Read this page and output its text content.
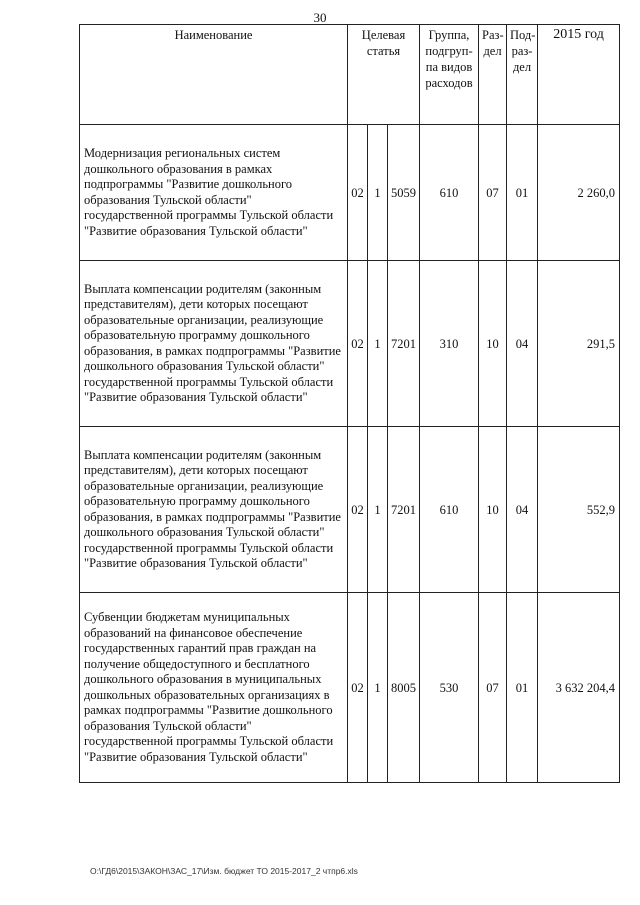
30
Наименование	Целевая статья			Группа, подгруп-па видов расходов	Раз-дел	Под-раз-дел	2015 год
Модернизация региональных систем дошкольного образования в рамках подпрограммы "Развитие дошкольного образования Тульской области" государственной программы Тульской области "Развитие образования Тульской области"	02	1	5059	610	07	01	2 260,0
Выплата компенсации родителям (законным представителям), дети которых посещают образовательные организации, реализующие образовательную программу дошкольного образования, в рамках подпрограммы "Развитие дошкольного образования Тульской области" государственной программы Тульской области "Развитие образования Тульской области"	02	1	7201	310	10	04	291,5
Выплата компенсации родителям (законным представителям), дети которых посещают образовательные организации, реализующие образовательную программу дошкольного образования, в рамках подпрограммы "Развитие дошкольного образования Тульской области" государственной программы Тульской области "Развитие образования Тульской области"	02	1	7201	610	10	04	552,9
Субвенции бюджетам муниципальных образований на финансовое обеспечение государственных гарантий прав граждан на получение общедоступного и бесплатного дошкольного образования в муниципальных дошкольных образовательных организациях в рамках подпрограммы "Развитие дошкольного образования Тульской области" государственной программы Тульской области "Развитие образования Тульской области"	02	1	8005	530	07	01	3 632 204,4
О:\ГД6\2015\ЗАКОН\ЗАС_17\Изм. бюджет ТО 2015-2017_2 чтпр6.xls
